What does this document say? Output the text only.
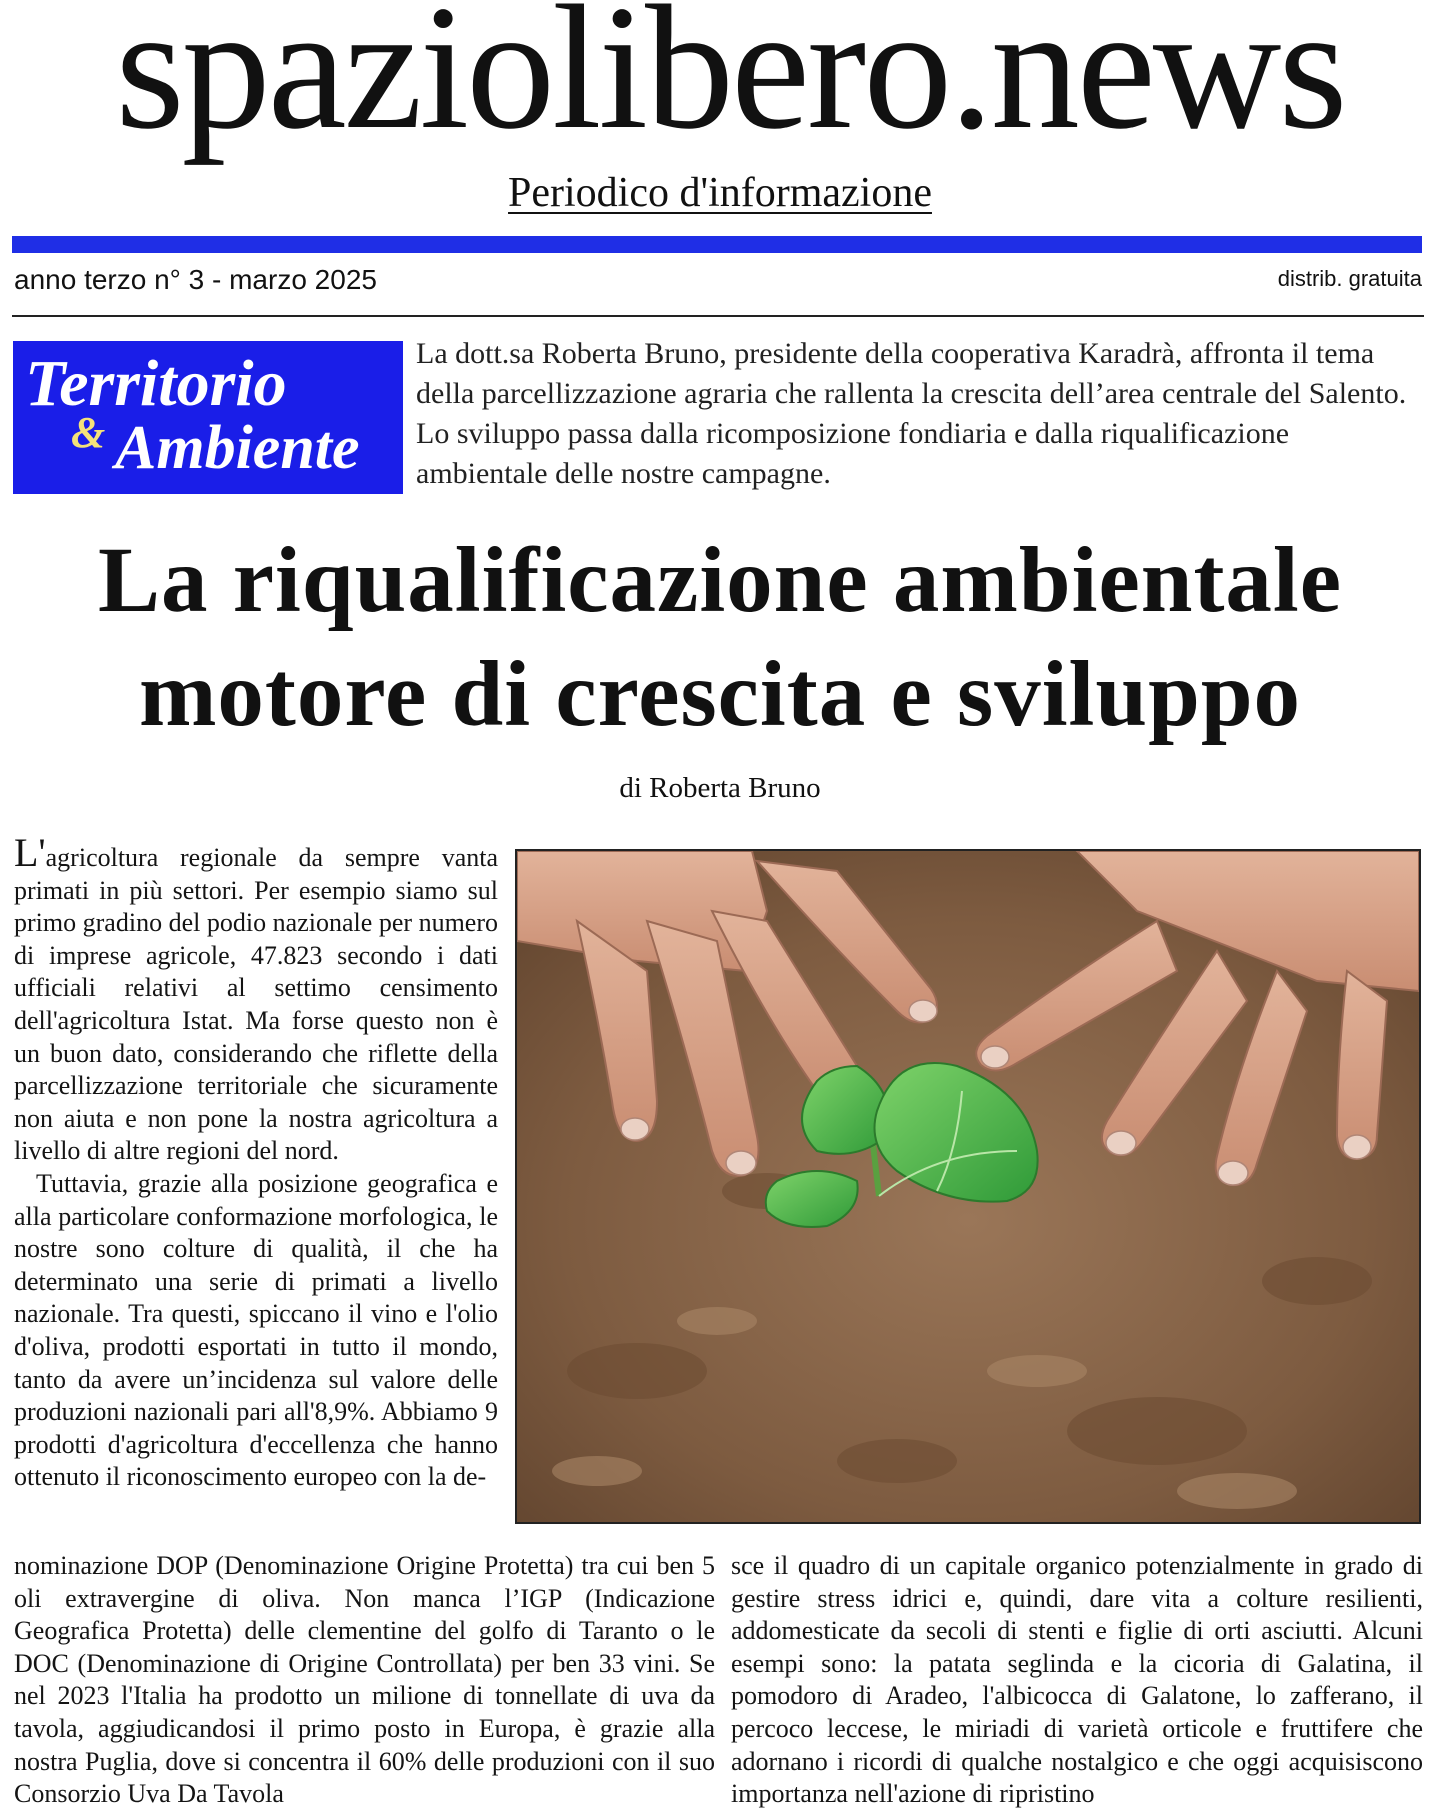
spaziolibero.news
Periodico d'informazione
anno terzo n° 3 - marzo 2025	distrib. gratuita
Territorio
& Ambiente
La dott.sa Roberta Bruno, presidente della cooperativa Karadrà, affronta il tema della parcellizzazione agraria che rallenta la crescita dell’area centrale del Salento. Lo sviluppo passa dalla ricomposizione fondiaria e dalla riqualificazione ambientale delle nostre campagne.
La riqualificazione ambientale
motore di crescita e sviluppo
di Roberta Bruno

L'agricoltura regionale da sempre vanta primati in più settori. Per esempio siamo sul primo gradino del podio nazionale per numero di imprese agricole, 47.823 secondo i dati ufficiali relativi al settimo censimento dell'agricoltura Istat. Ma forse questo non è un buon dato, considerando che riflette della parcellizzazione territoriale che sicuramente non aiuta e non pone la nostra agricoltura a livello di altre regioni del nord.

Tuttavia, grazie alla posizione geografica e alla particolare conformazione morfologica, le nostre sono colture di qualità, il che ha determinato una serie di primati a livello nazionale. Tra questi, spiccano il vino e l'olio d'oliva, prodotti esportati in tutto il mondo, tanto da avere un’incidenza sul valore delle produzioni nazionali pari all'8,9%. Abbiamo 9 prodotti d'agricoltura d'eccellenza che hanno ottenuto il riconoscimento europeo con la de-

nominazione DOP (Denominazione Origine Protetta) tra cui ben 5 oli extravergine di oliva. Non manca l’IGP (Indicazione Geografica Protetta) delle clementine del golfo di Taranto o le DOC (Denominazione di Origine Controllata) per ben 33 vini. Se nel 2023 l'Italia ha prodotto un milione di tonnellate di uva da tavola, aggiudicandosi il primo posto in Europa, è grazie alla nostra Puglia, dove si concentra il 60% delle produzioni con il suo Consorzio Uva Da Tavola
sce il quadro di un capitale organico potenzialmente in grado di gestire stress idrici e, quindi, dare vita a colture resilienti, addomesticate da secoli di stenti e figlie di orti asciutti. Alcuni esempi sono: la patata seglinda e la cicoria di Galatina, il pomodoro di Aradeo, l'albicocca di Galatone, lo zafferano, il percoco leccese, le miriadi di varietà orticole e fruttifere che adornano i ricordi di qualche nostalgico e che oggi acquisiscono importanza nell'azione di ripristino
